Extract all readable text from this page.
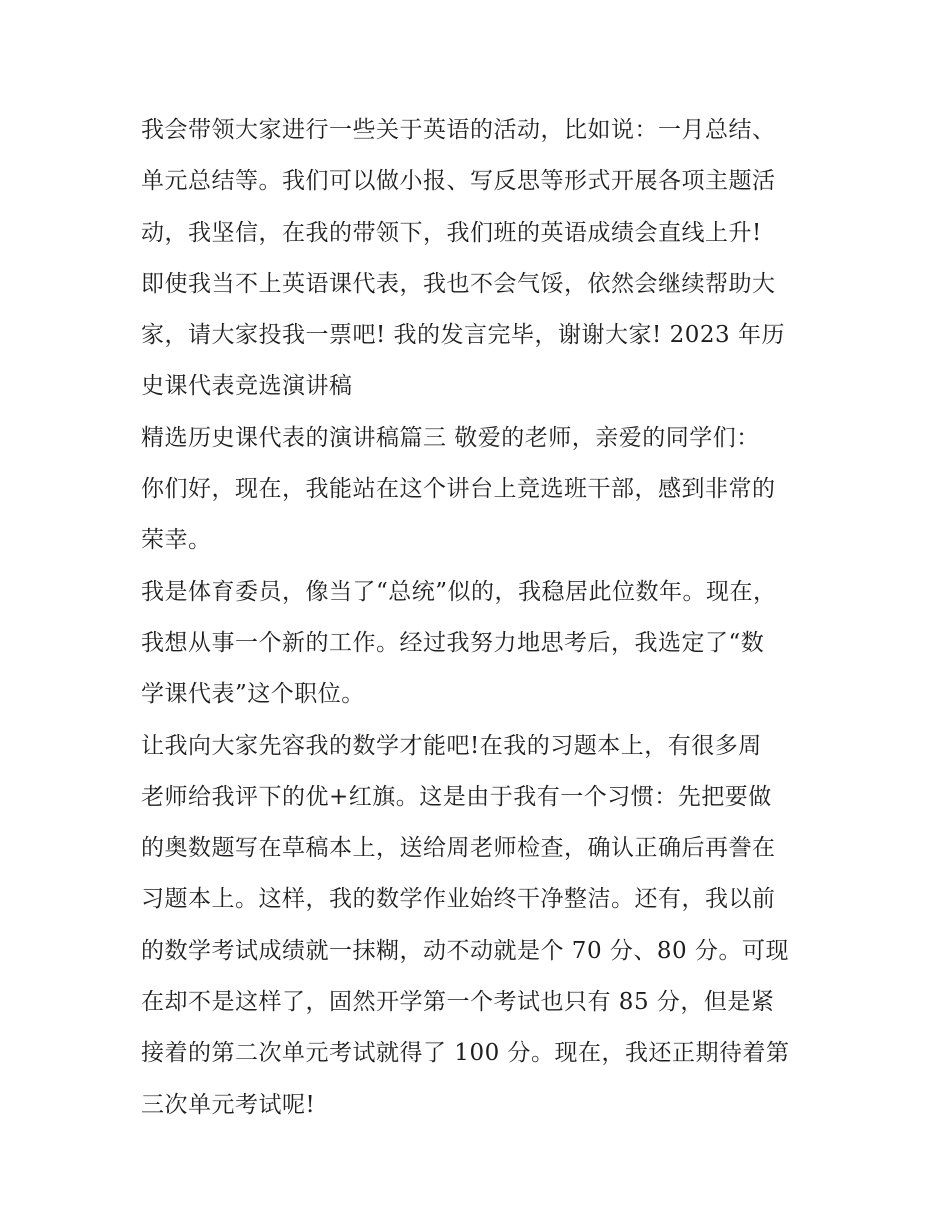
我会带领大家进行一些关于英语的活动，比如说：一月总结、
单元总结等。我们可以做小报、写反思等形式开展各项主题活
动，我坚信，在我的带领下，我们班的英语成绩会直线上升!
即使我当不上英语课代表，我也不会气馁，依然会继续帮助大
家，请大家投我一票吧! 我的发言完毕，谢谢大家! 2023 年历
史课代表竞选演讲稿
精选历史课代表的演讲稿篇三 敬爱的老师，亲爱的同学们：
你们好，现在，我能站在这个讲台上竞选班干部，感到非常的
荣幸。
我是体育委员，像当了“总统”似的，我稳居此位数年。现在，
我想从事一个新的工作。经过我努力地思考后，我选定了“数
学课代表”这个职位。
让我向大家先容我的数学才能吧!在我的习题本上，有很多周
老师给我评下的优+红旗。这是由于我有一个习惯：先把要做
的奥数题写在草稿本上，送给周老师检查，确认正确后再誊在
习题本上。这样，我的数学作业始终干净整洁。还有，我以前
的数学考试成绩就一抹糊，动不动就是个 70 分、80 分。可现
在却不是这样了，固然开学第一个考试也只有 85 分，但是紧
接着的第二次单元考试就得了 100 分。现在，我还正期待着第
三次单元考试呢!
